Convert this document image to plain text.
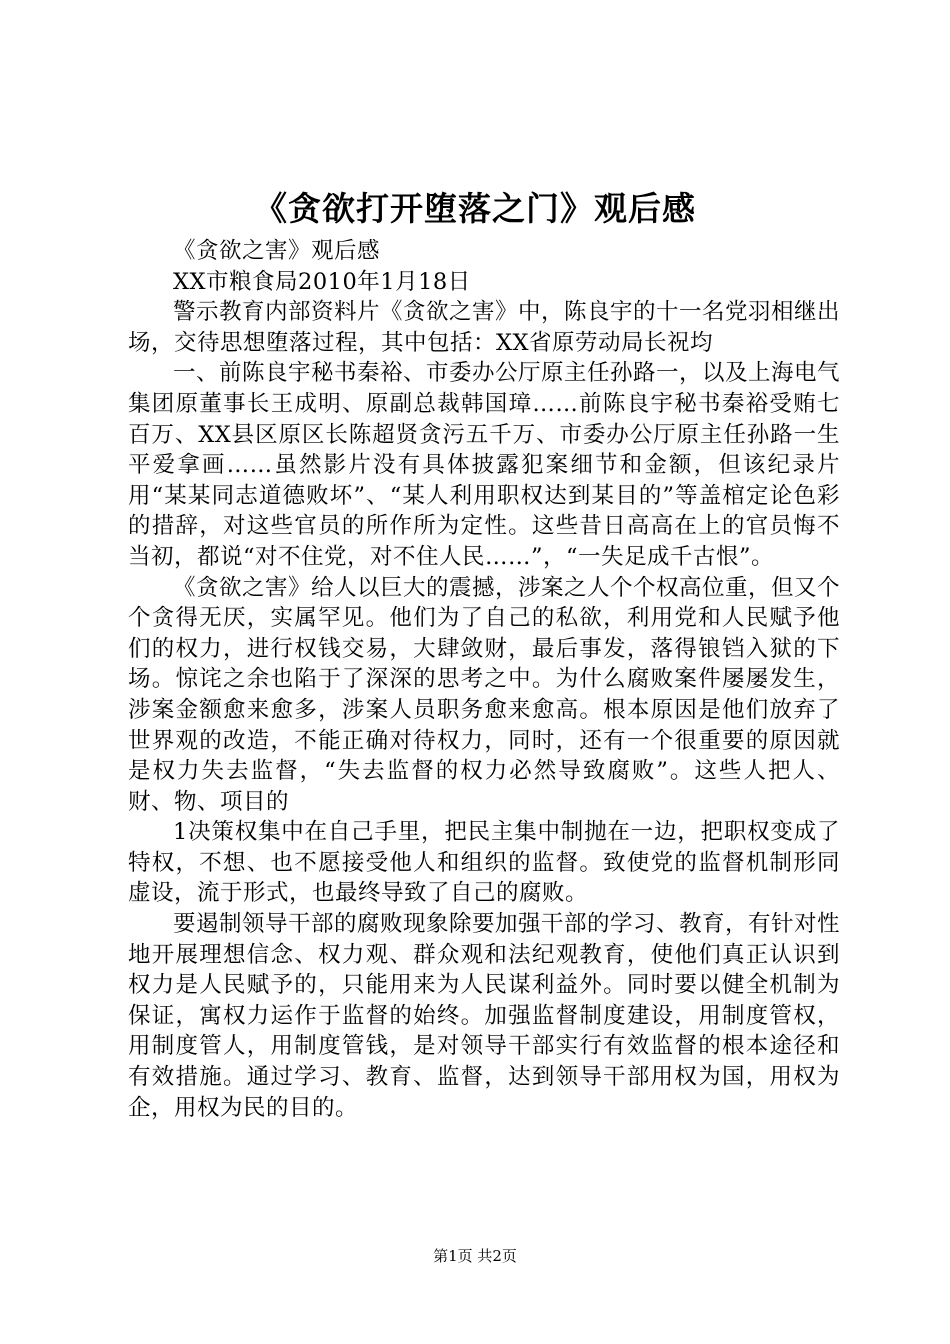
《贪欲打开堕落之门》观后感

《贪欲之害》观后感

XX市粮食局2010年1月18日

警示教育内部资料片《贪欲之害》中，陈良宇的十一名党羽相继出场，交待思想堕落过程，其中包括：XX省原劳动局长祝均

一、前陈良宇秘书秦裕、市委办公厅原主任孙路一，以及上海电气集团原董事长王成明、原副总裁韩国璋……前陈良宇秘书秦裕受贿七百万、XX县区原区长陈超贤贪污五千万、市委办公厅原主任孙路一生平爱拿画……虽然影片没有具体披露犯案细节和金额，但该纪录片用“某某同志道德败坏”、“某人利用职权达到某目的”等盖棺定论色彩的措辞，对这些官员的所作所为定性。这些昔日高高在上的官员悔不当初，都说“对不住党，对不住人民……”，“一失足成千古恨”。

《贪欲之害》给人以巨大的震撼，涉案之人个个权高位重，但又个个贪得无厌，实属罕见。他们为了自己的私欲，利用党和人民赋予他们的权力，进行权钱交易，大肆敛财，最后事发，落得锒铛入狱的下场。惊诧之余也陷于了深深的思考之中。为什么腐败案件屡屡发生，涉案金额愈来愈多，涉案人员职务愈来愈高。根本原因是他们放弃了世界观的改造，不能正确对待权力，同时，还有一个很重要的原因就是权力失去监督，“失去监督的权力必然导致腐败”。这些人把人、财、物、项目的

1决策权集中在自己手里，把民主集中制抛在一边，把职权变成了特权，不想、也不愿接受他人和组织的监督。致使党的监督机制形同虚设，流于形式，也最终导致了自己的腐败。

要遏制领导干部的腐败现象除要加强干部的学习、教育，有针对性地开展理想信念、权力观、群众观和法纪观教育，使他们真正认识到权力是人民赋予的，只能用来为人民谋利益外。同时要以健全机制为保证，寓权力运作于监督的始终。加强监督制度建设，用制度管权，用制度管人，用制度管钱，是对领导干部实行有效监督的根本途径和有效措施。通过学习、教育、监督，达到领导干部用权为国，用权为企，用权为民的目的。

第1页 共2页
